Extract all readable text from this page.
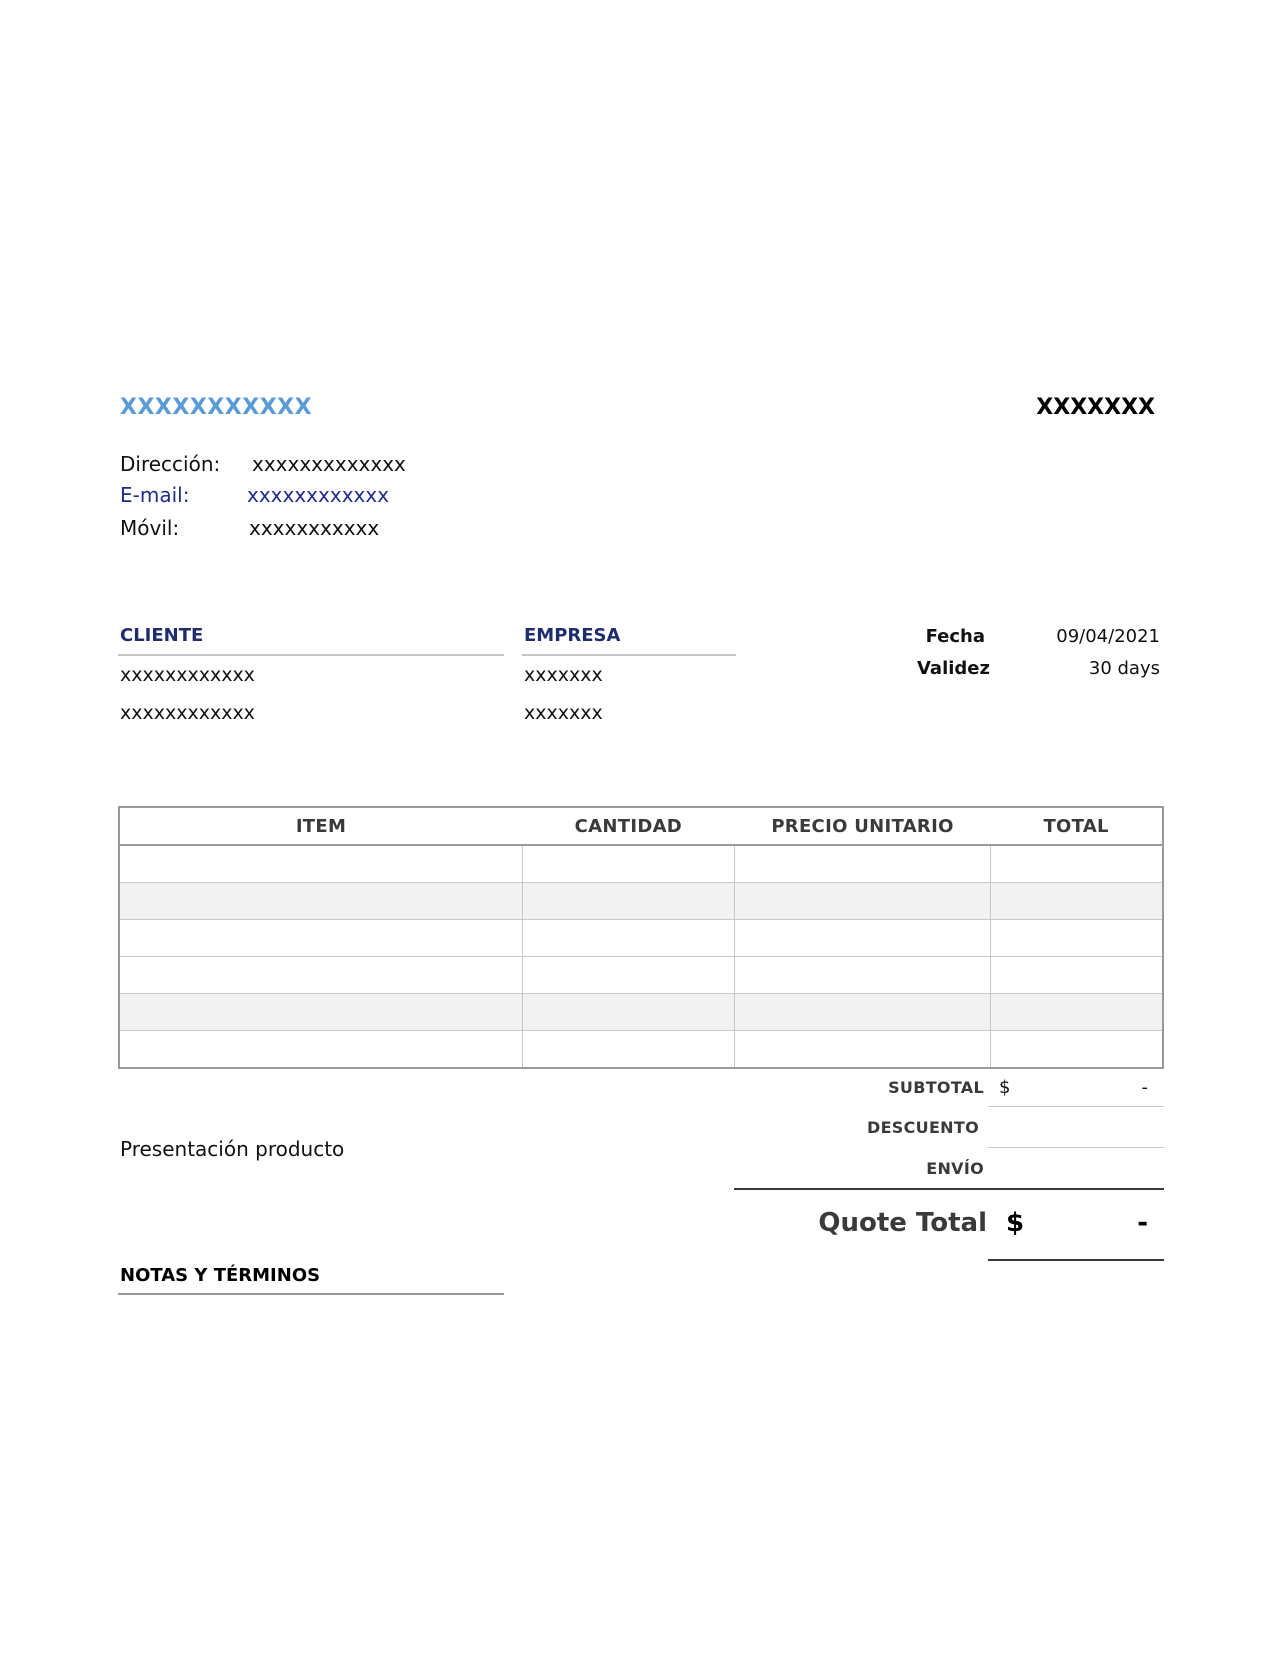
XXXXXXXXXXX	XXXXXXX
Dirección: xxxxxxxxxxxxx
E-mail:	xxxxxxxxxxxx
Móvil:	xxxxxxxxxxx
CLIENTE
xxxxxxxxxxxx
xxxxxxxxxxxx
EMPRESA
xxxxxxx
xxxxxxx
Fecha	09/04/2021
Validez	30 days
ITEM	CANTIDAD	PRECIO UNITARIO	TOTAL

SUBTOTAL $	-
DESCUENTO
ENVÍO
Quote Total $	-
Presentación producto
NOTAS Y TÉRMINOS
